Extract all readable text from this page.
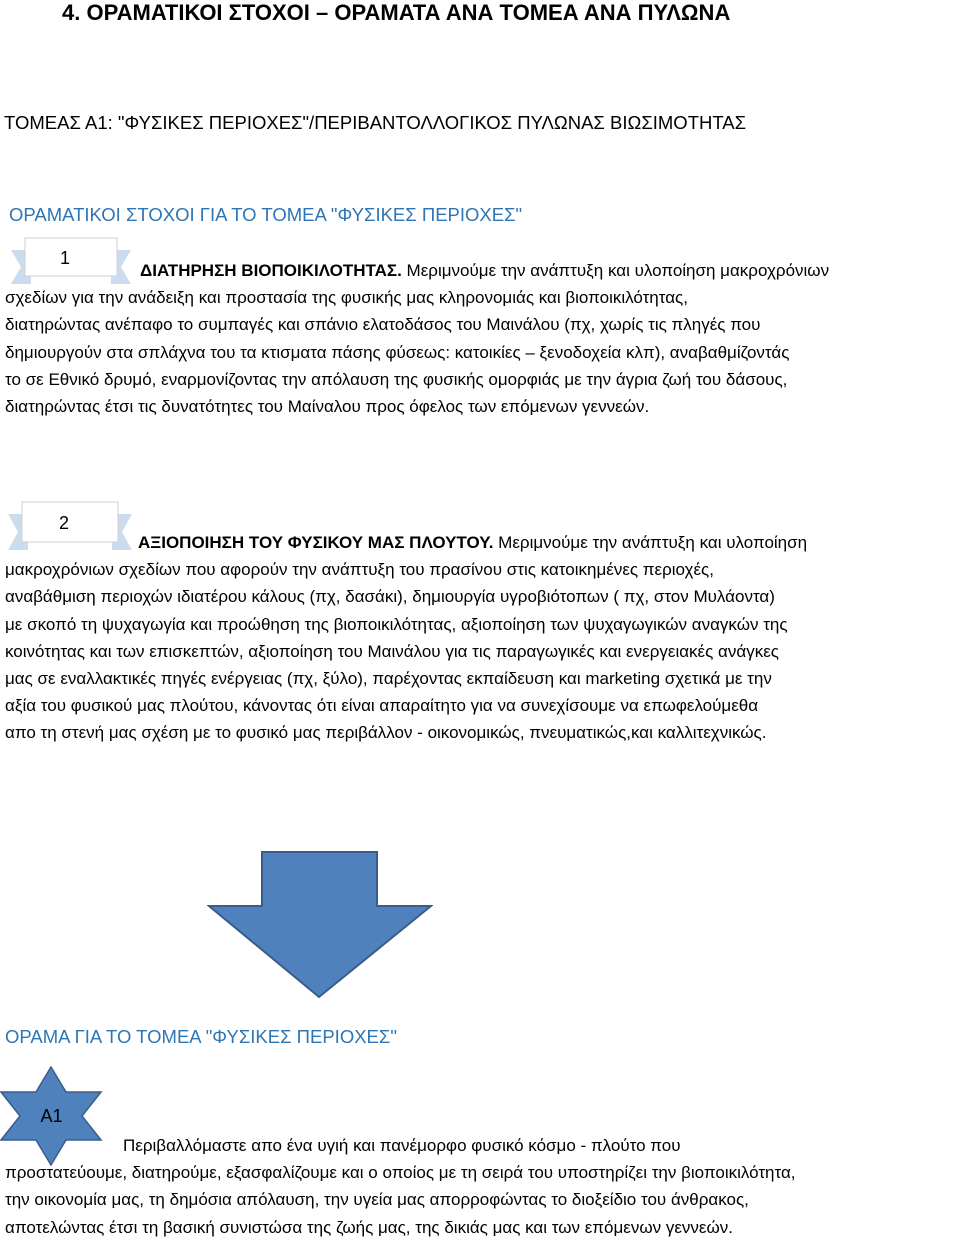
4. ΟΡΑΜΑΤΙΚΟΙ ΣΤΟΧΟΙ – ΟΡΑΜΑΤΑ ΑΝΑ ΤΟΜΕΑ ΑΝΑ ΠΥΛΩΝΑ
ΤΟΜΕΑΣ Α1: "ΦΥΣΙΚΕΣ ΠΕΡΙΟΧΕΣ"/ΠΕΡΙΒΑΝΤΟΛΛΟΓΙΚΟΣ ΠΥΛΩΝΑΣ ΒΙΩΣΙΜΟΤΗΤΑΣ
ΟΡΑΜΑΤΙΚΟΙ ΣΤΟΧΟΙ ΓΙΑ ΤΟ ΤΟΜΕΑ "ΦΥΣΙΚΕΣ ΠΕΡΙΟΧΕΣ"
1

ΔΙΑΤΗΡΗΣΗ ΒΙΟΠΟΙΚΙΛΟΤΗΤΑΣ. Μεριμνούμε την ανάπτυξη και υλοποίηση μακροχρόνιων

σχεδίων για την ανάδειξη και προστασία της φυσικής μας κληρονομιάς και βιοποικιλότητας,

διατηρώντας ανέπαφο το συμπαγές και σπάνιο ελατοδάσος του Μαινάλου (πχ, χωρίς τις πληγές που

δημιουργούν στα σπλάχνα του τα κτισματα πάσης φύσεως: κατοικίες – ξενοδοχεία κλπ), αναβαθμίζοντάς

το σε Εθνικό δρυμό, εναρμονίζοντας την απόλαυση της φυσικής ομορφιάς με την άγρια ζωή του δάσους,

διατηρώντας έτσι τις δυνατότητες του Μαίναλου προς όφελος των επόμενων γεννεών.

2

ΑΞΙΟΠΟΙΗΣΗ ΤΟΥ ΦΥΣΙΚΟΥ ΜΑΣ ΠΛΟΥΤΟΥ. Μεριμνούμε την ανάπτυξη και υλοποίηση

μακροχρόνιων σχεδίων που αφορούν την ανάπτυξη του πρασίνου στις κατοικημένες περιοχές,

αναβάθμιση περιοχών ιδιατέρου κάλους (πχ, δασάκι), δημιουργία υγροβιότοπων ( πχ, στον Μυλάοντα)

με σκοπό τη ψυχαγωγία και προώθηση της βιοποικιλότητας, αξιοποίηση των ψυχαγωγικών αναγκών της

κοινότητας και των επισκεπτών, αξιοποίηση του Μαινάλου για τις παραγωγικές και ενεργειακές ανάγκες

μας σε εναλλακτικές πηγές ενέργειας (πχ, ξύλο), παρέχοντας εκπαίδευση και marketing σχετικά με την

αξία του φυσικού μας πλούτου, κάνοντας ότι είναι απαραίτητο για να συνεχίσουμε να επωφελούμεθα

απο τη στενή μας σχέση με το φυσικό μας περιβάλλον - οικονομικώς, πνευματικώς,και καλλιτεχνικώς.

ΟΡΑΜΑ ΓΙΑ ΤΟ ΤΟΜΕΑ "ΦΥΣΙΚΕΣ ΠΕΡΙΟΧΕΣ"
Α1

Περιβαλλόμαστε απο ένα υγιή και πανέμορφο φυσικό κόσμο - πλούτο που

προστατεύουμε, διατηρούμε, εξασφαλίζουμε και ο οποίος με τη σειρά του υποστηρίζει την βιοποικιλότητα,

την οικονομία μας, τη δημόσια απόλαυση, την υγεία μας απορροφώντας το διοξείδιο του άνθρακος,

αποτελώντας έτσι τη βασική συνιστώσα της ζωής μας, της δικιάς μας και των επόμενων γεννεών.
